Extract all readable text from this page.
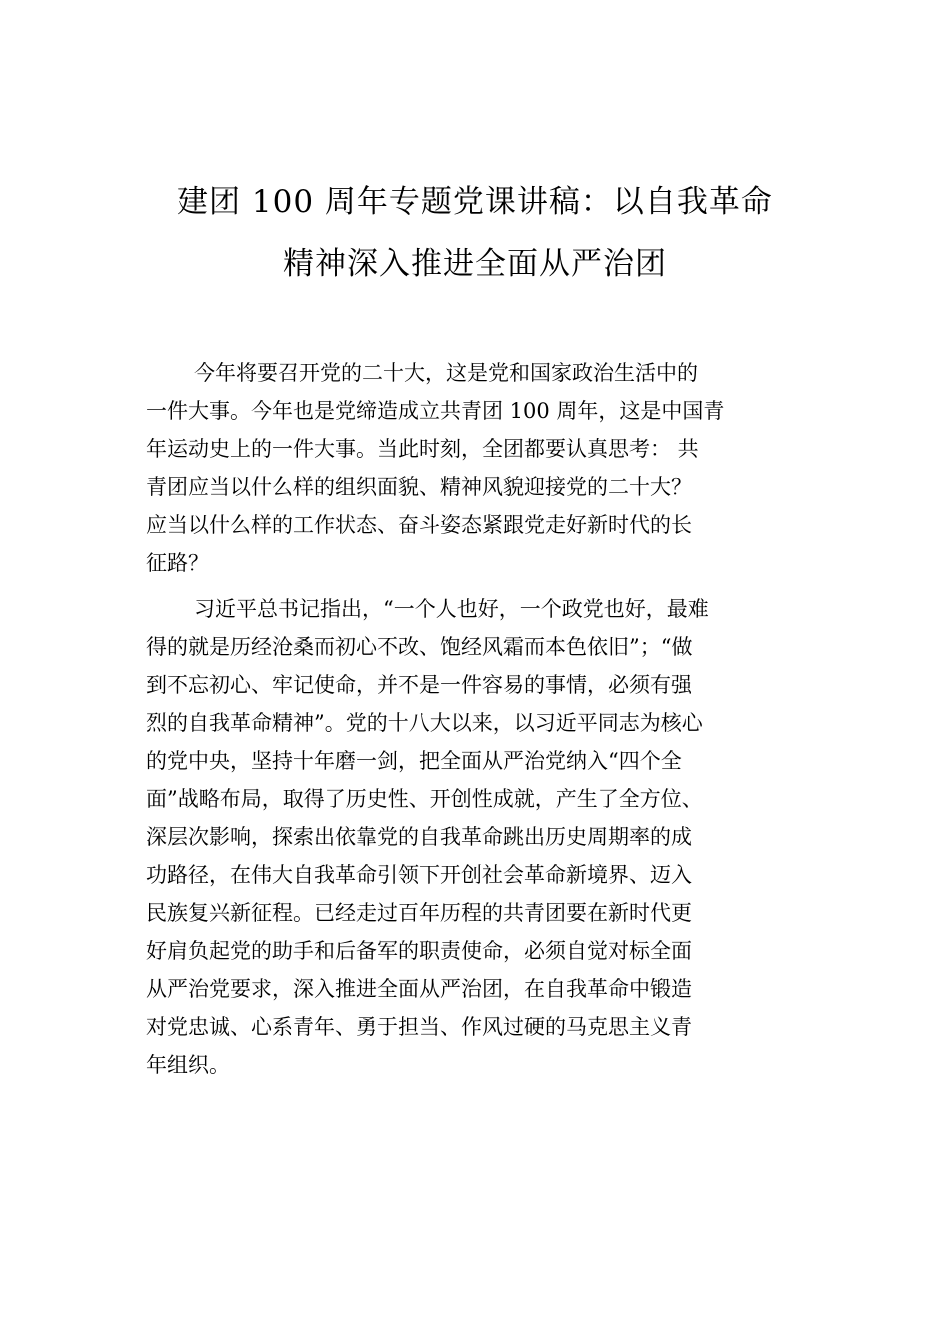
建团 100 周年专题党课讲稿：以自我革命
精神深入推进全面从严治团
今年将要召开党的二十大，这是党和国家政治生活中的
一件大事。今年也是党缔造成立共青团 100 周年，这是中国青
年运动史上的一件大事。当此时刻，全团都要认真思考： 共
青团应当以什么样的组织面貌、精神风貌迎接党的二十大？
应当以什么样的工作状态、奋斗姿态紧跟党走好新时代的长
征路？
习近平总书记指出，“一个人也好，一个政党也好，最难
得的就是历经沧桑而初心不改、饱经风霜而本色依旧”；“做
到不忘初心、牢记使命，并不是一件容易的事情，必须有强
烈的自我革命精神”。党的十八大以来，以习近平同志为核心
的党中央，坚持十年磨一剑，把全面从严治党纳入“四个全
面”战略布局，取得了历史性、开创性成就，产生了全方位、
深层次影响，探索出依靠党的自我革命跳出历史周期率的成
功路径，在伟大自我革命引领下开创社会革命新境界、迈入
民族复兴新征程。已经走过百年历程的共青团要在新时代更
好肩负起党的助手和后备军的职责使命，必须自觉对标全面
从严治党要求，深入推进全面从严治团，在自我革命中锻造
对党忠诚、心系青年、勇于担当、作风过硬的马克思主义青
年组织。
